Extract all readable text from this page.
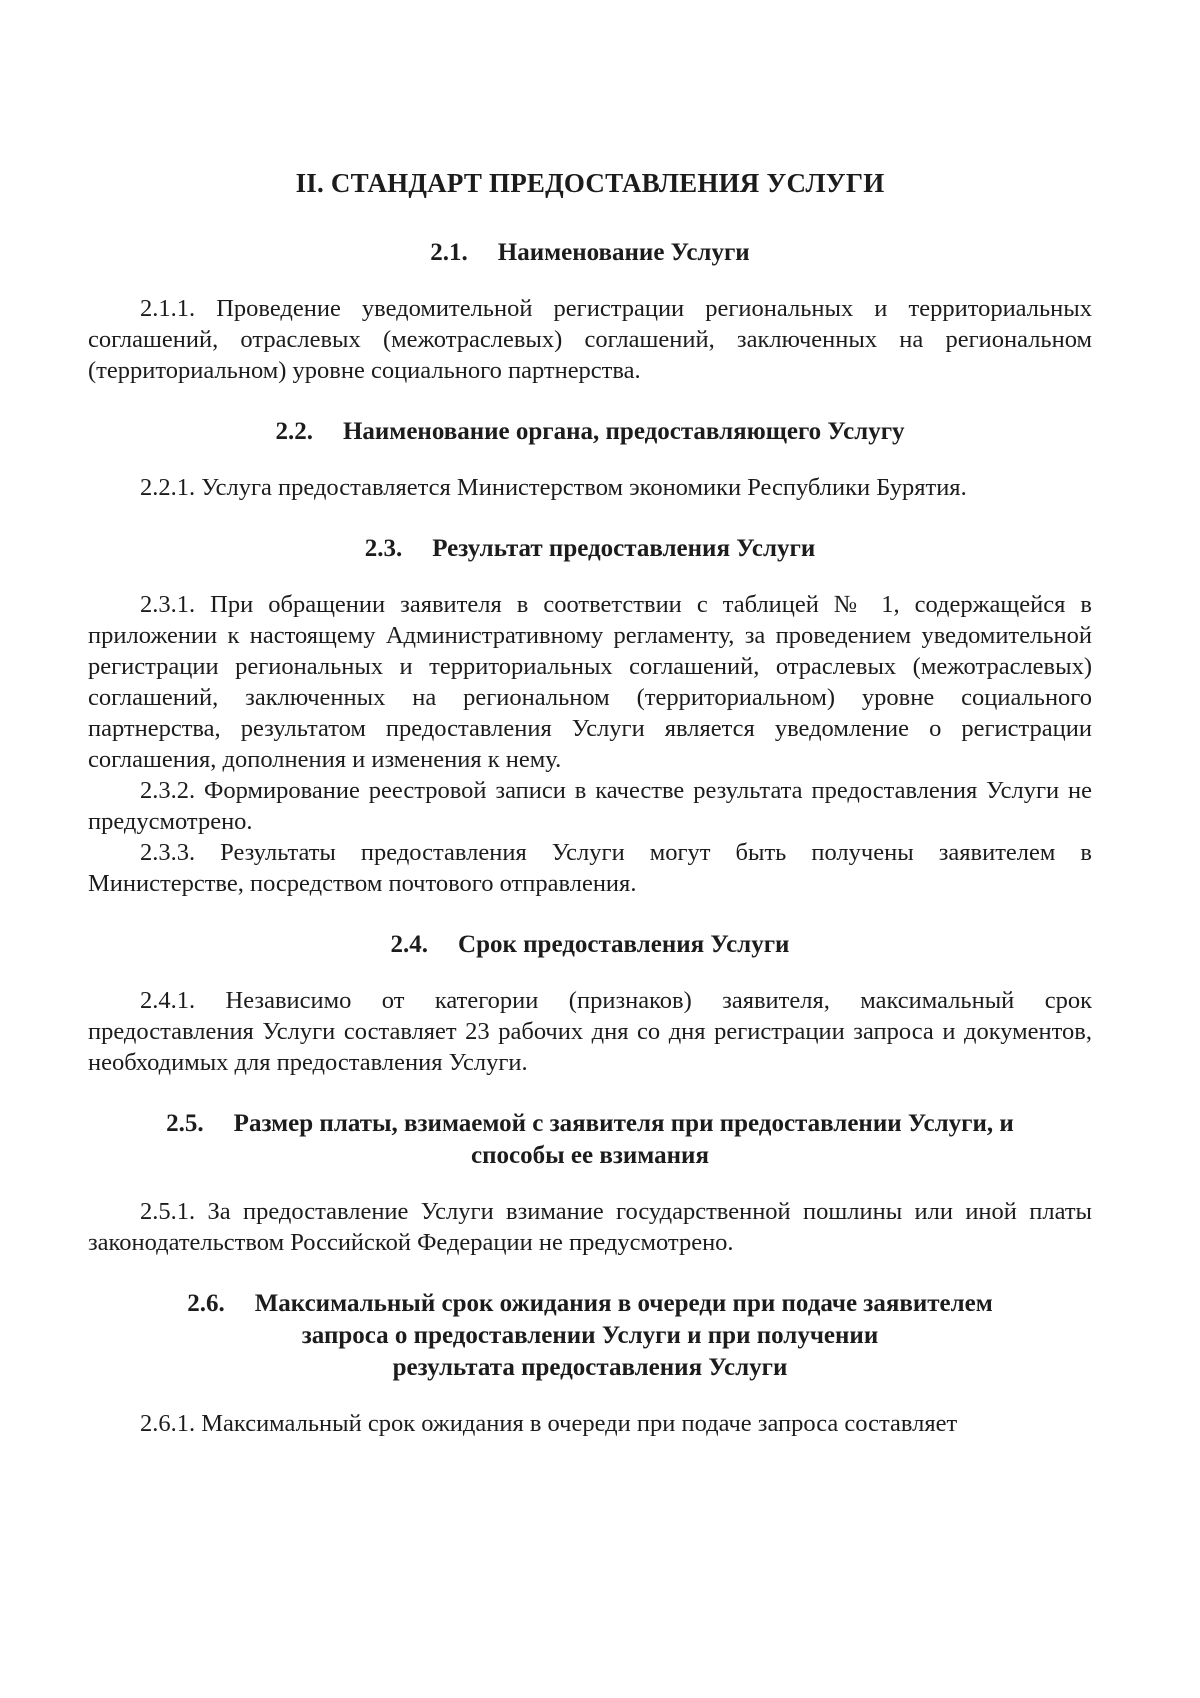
II. СТАНДАРТ ПРЕДОСТАВЛЕНИЯ УСЛУГИ
2.1. Наименование Услуги

2.1.1. Проведение уведомительной регистрации региональных и территориальных соглашений, отраслевых (межотраслевых) соглашений, заключенных на региональном (территориальном) уровне социального партнерства.

2.2. Наименование органа, предоставляющего Услугу

2.2.1. Услуга предоставляется Министерством экономики Республики Бурятия.

2.3. Результат предоставления Услуги

2.3.1. При обращении заявителя в соответствии с таблицей № 1, содержащейся в приложении к настоящему Административному регламенту, за проведением уведомительной регистрации региональных и территориальных соглашений, отраслевых (межотраслевых) соглашений, заключенных на региональном (территориальном) уровне социального партнерства, результатом предоставления Услуги является уведомление о регистрации соглашения, дополнения и изменения к нему.

2.3.2. Формирование реестровой записи в качестве результата предоставления Услуги не предусмотрено.

2.3.3. Результаты предоставления Услуги могут быть получены заявителем в Министерстве, посредством почтового отправления.

2.4. Срок предоставления Услуги

2.4.1. Независимо от категории (признаков) заявителя, максимальный срок предоставления Услуги составляет 23 рабочих дня со дня регистрации запроса и документов, необходимых для предоставления Услуги.

2.5. Размер платы, взимаемой с заявителя при предоставлении Услуги, и
способы ее взимания

2.5.1. За предоставление Услуги взимание государственной пошлины или иной платы законодательством Российской Федерации не предусмотрено.

2.6. Максимальный срок ожидания в очереди при подаче заявителем
запроса о предоставлении Услуги и при получении
результата предоставления Услуги

2.6.1. Максимальный срок ожидания в очереди при подаче запроса составляет
